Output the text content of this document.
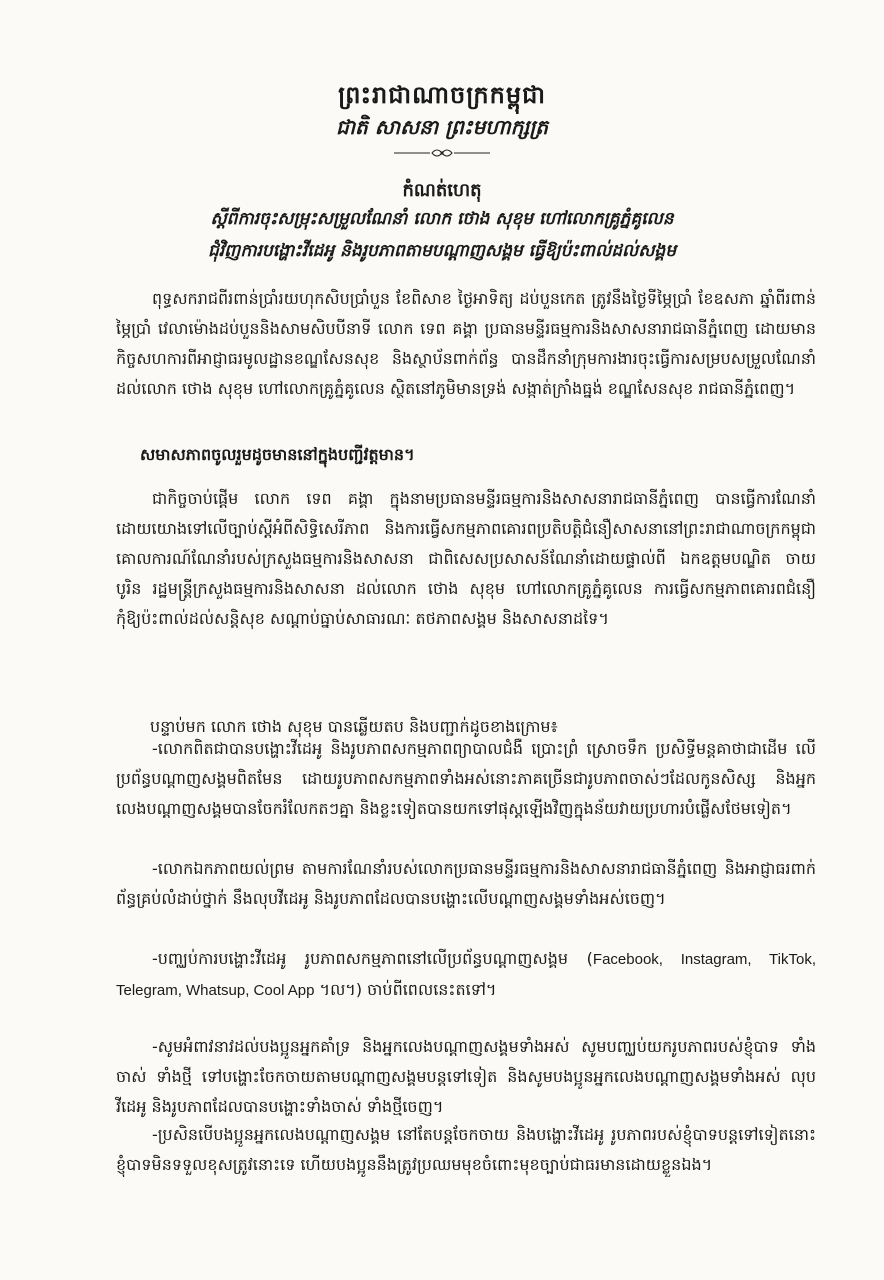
ព្រះរាជាណាចក្រកម្ពុជា
ជាតិ សាសនា ព្រះមហាក្សត្រ
កំណត់ហេតុ
ស្តីពីការចុះសម្រុះសម្រួលណែនាំ លោក ថោង សុខុម ហៅលោកគ្រូភ្នំគូលេន
ជុំវិញការបង្ហោះវីដេអូ និងរូបភាពតាមបណ្តាញសង្គម ធ្វើឱ្យប៉ះពាល់ដល់សង្គម
ពុទ្ធសករាជពីរពាន់ប្រាំរយហុកសិបប្រាំបួន ខែពិសាខ ថ្ងៃអាទិត្យ ដប់បួនកេត ត្រូវនឹងថ្ងៃទីម្ភៃប្រាំ ខែឧសភា ឆ្នាំពីរពាន់ម្ភៃប្រាំ វេលាម៉ោងដប់បួននិងសាមសិបបីនាទី លោក ទេព គង្គា ប្រធានមន្ទីរធម្មការនិងសាសនារាជធានីភ្នំពេញ ដោយមានកិច្ចសហការពីអាជ្ញាធរមូលដ្ឋានខណ្ឌសែនសុខ និងស្ថាប័នពាក់ព័ន្ធ បានដឹកនាំក្រុមការងារចុះធ្វើការសម្របសម្រួលណែនាំ ដល់លោក ថោង សុខុម ហៅលោកគ្រូភ្នំគូលេន ស្ថិតនៅភូមិមានទ្រង់ សង្កាត់ក្រាំងធ្នង់ ខណ្ឌសែនសុខ រាជធានីភ្នំពេញ។
សមាសភាពចូលរួមដូចមាននៅក្នុងបញ្ជីវត្តមាន។
ជាកិច្ចចាប់ផ្តើម លោក ទេព គង្គា ក្នុងនាមប្រធានមន្ទីរធម្មការនិងសាសនារាជធានីភ្នំពេញ បានធ្វើការណែនាំ ដោយយោងទៅលើច្បាប់ស្តីអំពីសិទ្ធិសេរីភាព និងការធ្វើសកម្មភាពគោរពប្រតិបត្តិជំនឿសាសនានៅព្រះរាជាណាចក្រកម្ពុជា គោលការណ៍ណែនាំរបស់ក្រសួងធម្មការនិងសាសនា ជាពិសេសប្រសាសន៍ណែនាំដោយផ្ទាល់ពី ឯកឧត្តមបណ្ឌិត ចាយ បូរិន រដ្ឋមន្ត្រីក្រសួងធម្មការនិងសាសនា ដល់លោក ថោង សុខុម ហៅលោកគ្រូភ្នំគូលេន ការធ្វើសកម្មភាពគោរពជំនឿកុំឱ្យប៉ះពាល់ដល់សន្តិសុខ សណ្តាប់ធ្នាប់សាធារណៈ តថភាពសង្គម និងសាសនាដទៃ។
បន្ទាប់មក លោក ថោង សុខុម បានឆ្លើយតប និងបញ្ជាក់ដូចខាងក្រោម៖
-លោកពិតជាបានបង្ហោះវីដេអូ និងរូបភាពសកម្មភាពព្យាបាលជំងឺ ប្រោះព្រំ ស្រោចទឹក ប្រសិទ្ធីមន្តគាថាជាដើម លើប្រព័ន្ធបណ្តាញសង្គមពិតមែន ដោយរូបភាពសកម្មភាពទាំងអស់នោះភាគច្រើនជារូបភាពចាស់ៗដែលកូនសិស្ស និងអ្នកលេងបណ្តាញសង្គមបានចែករំលែកតៗគ្នា និងខ្លះទៀតបានយកទៅផុស្តឡើងវិញក្នុងន័យវាយប្រហារបំផ្លើសថែមទៀត។
-លោកឯកភាពយល់ព្រម តាមការណែនាំរបស់លោកប្រធានមន្ទីរធម្មការនិងសាសនារាជធានីភ្នំពេញ និងអាជ្ញាធរពាក់ព័ន្ធគ្រប់លំដាប់ថ្នាក់ នឹងលុបវីដេអូ និងរូបភាពដែលបានបង្ហោះលើបណ្តាញសង្គមទាំងអស់ចេញ។
-បញ្ឈប់ការបង្ហោះវីដេអូ រូបភាពសកម្មភាពនៅលើប្រព័ន្ធបណ្តាញសង្គម (Facebook, Instagram, TikTok, Telegram, Whatsup, Cool App ។ល។) ចាប់ពីពេលនេះតទៅ។
-សូមអំពាវនាវដល់បងប្អូនអ្នកគាំទ្រ និងអ្នកលេងបណ្តាញសង្គមទាំងអស់ សូមបញ្ឈប់យករូបភាពរបស់ខ្ញុំបាទ ទាំងចាស់ ទាំងថ្មី ទៅបង្ហោះចែកចាយតាមបណ្តាញសង្គមបន្តទៅទៀត និងសូមបងប្អូនអ្នកលេងបណ្តាញសង្គមទាំងអស់ លុបវីដេអូ និងរូបភាពដែលបានបង្ហោះទាំងចាស់ ទាំងថ្មីចេញ។
-ប្រសិនបើបងប្អូនអ្នកលេងបណ្តាញសង្គម នៅតែបន្តចែកចាយ និងបង្ហោះវីដេអូ រូបភាពរបស់ខ្ញុំបាទបន្តទៅទៀតនោះ ខ្ញុំបាទមិនទទួលខុសត្រូវនោះទេ ហើយបងប្អូននឹងត្រូវប្រឈមមុខចំពោះមុខច្បាប់ជាធរមានដោយខ្លួនឯង។
